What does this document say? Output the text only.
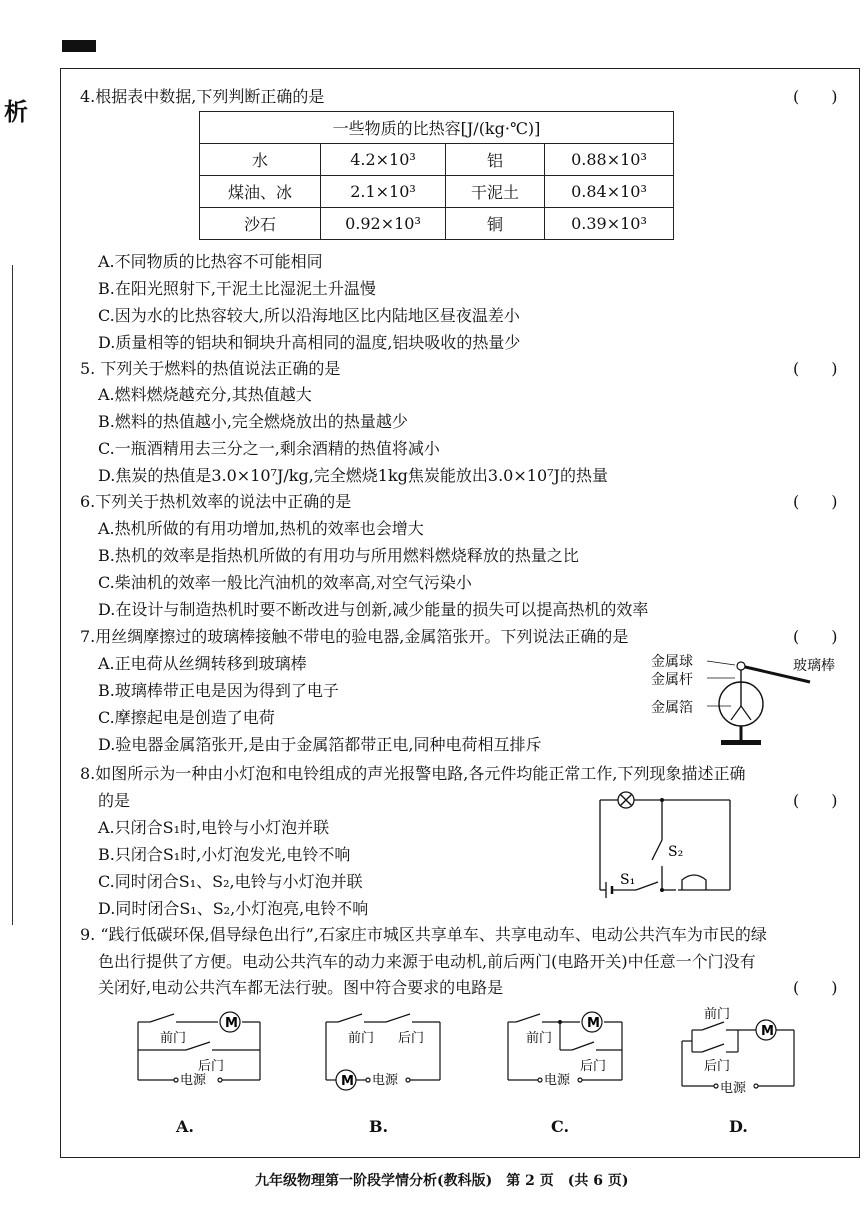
析
4.根据表中数据,下列判断正确的是	(　　)
一些物质的比热容[J/(kg·℃)]			
水	4.2×10³	铝	0.88×10³
煤油、冰	2.1×10³	干泥土	0.84×10³
沙石	0.92×10³	铜	0.39×10³
A.不同物质的比热容不可能相同
B.在阳光照射下,干泥土比湿泥土升温慢
C.因为水的比热容较大,所以沿海地区比内陆地区昼夜温差小
D.质量相等的铝块和铜块升高相同的温度,铝块吸收的热量少
5. 下列关于燃料的热值说法正确的是	(　　)
A.燃料燃烧越充分,其热值越大
B.燃料的热值越小,完全燃烧放出的热量越少
C.一瓶酒精用去三分之一,剩余酒精的热值将减小
D.焦炭的热值是3.0×10⁷J/kg,完全燃烧1kg焦炭能放出3.0×10⁷J的热量
6.下列关于热机效率的说法中正确的是	(　　)
A.热机所做的有用功增加,热机的效率也会增大
B.热机的效率是指热机所做的有用功与所用燃料燃烧释放的热量之比
C.柴油机的效率一般比汽油机的效率高,对空气污染小
D.在设计与制造热机时要不断改进与创新,减少能量的损失可以提高热机的效率
7.用丝绸摩擦过的玻璃棒接触不带电的验电器,金属箔张开。下列说法正确的是	(　　)
A.正电荷从丝绸转移到玻璃棒
B.玻璃棒带正电是因为得到了电子
C.摩擦起电是创造了电荷
D.验电器金属箔张开,是由于金属箔都带正电,同种电荷相互排斥
金属球
金属杆
金属箔
玻璃棒
8.如图所示为一种由小灯泡和电铃组成的声光报警电路,各元件均能正常工作,下列现象描述正确
的是	(　　)
A.只闭合S₁时,电铃与小灯泡并联
B.只闭合S₁时,小灯泡发光,电铃不响
C.同时闭合S₁、S₂,电铃与小灯泡并联
D.同时闭合S₁、S₂,小灯泡亮,电铃不响
S₂
S₁
9. “践行低碳环保,倡导绿色出行”,石家庄市城区共享单车、共享电动车、电动公共汽车为市民的绿
色出行提供了方便。电动公共汽车的动力来源于电动机,前后两门(电路开关)中任意一个门没有
关闭好,电动公共汽车都无法行驶。图中符合要求的电路是	(　　)
M
前门
后门
电源
前门 后门
M 电源
M
前门
后门
电源
前门
M
后门
电源
A.	B.	C.	D.
九年级物理第一阶段学情分析(教科版)　第 2 页　(共 6 页)
